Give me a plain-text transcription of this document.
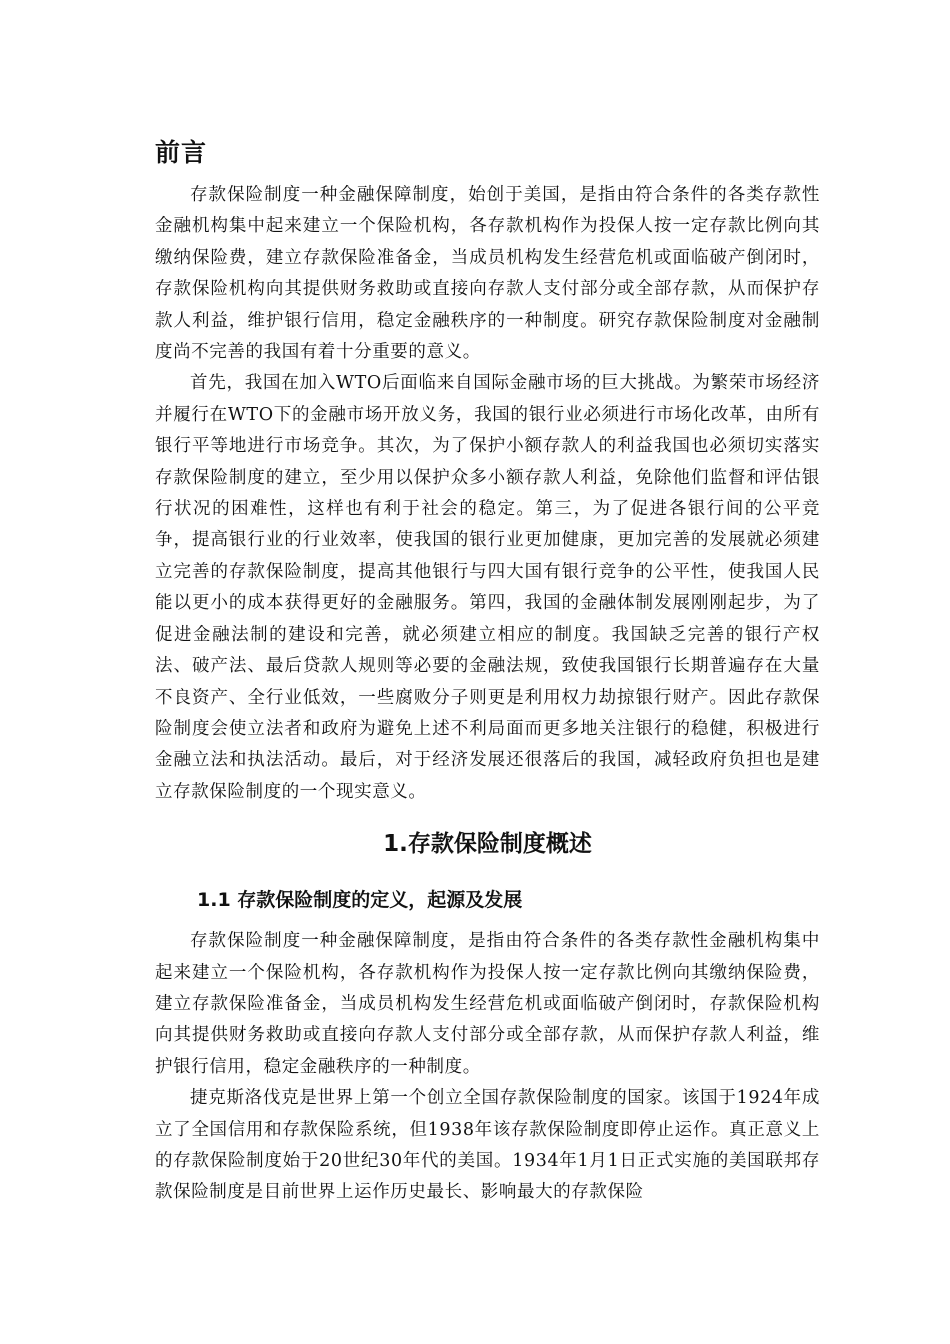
前言

存款保险制度一种金融保障制度，始创于美国，是指由符合条件的各类存款性金融机构集中起来建立一个保险机构，各存款机构作为投保人按一定存款比例向其缴纳保险费，建立存款保险准备金，当成员机构发生经营危机或面临破产倒闭时，存款保险机构向其提供财务救助或直接向存款人支付部分或全部存款，从而保护存款人利益，维护银行信用，稳定金融秩序的一种制度。研究存款保险制度对金融制度尚不完善的我国有着十分重要的意义。

首先，我国在加入WTO后面临来自国际金融市场的巨大挑战。为繁荣市场经济并履行在WTO下的金融市场开放义务，我国的银行业必须进行市场化改革，由所有银行平等地进行市场竞争。其次，为了保护小额存款人的利益我国也必须切实落实存款保险制度的建立，至少用以保护众多小额存款人利益，免除他们监督和评估银行状况的困难性，这样也有利于社会的稳定。第三，为了促进各银行间的公平竞争，提高银行业的行业效率，使我国的银行业更加健康，更加完善的发展就必须建立完善的存款保险制度，提高其他银行与四大国有银行竞争的公平性，使我国人民能以更小的成本获得更好的金融服务。第四，我国的金融体制发展刚刚起步，为了促进金融法制的建设和完善，就必须建立相应的制度。我国缺乏完善的银行产权法、破产法、最后贷款人规则等必要的金融法规，致使我国银行长期普遍存在大量不良资产、全行业低效，一些腐败分子则更是利用权力劫掠银行财产。因此存款保险制度会使立法者和政府为避免上述不利局面而更多地关注银行的稳健，积极进行金融立法和执法活动。最后，对于经济发展还很落后的我国，减轻政府负担也是建立存款保险制度的一个现实意义。

1.存款保险制度概述
1.1 存款保险制度的定义，起源及发展

存款保险制度一种金融保障制度，是指由符合条件的各类存款性金融机构集中起来建立一个保险机构，各存款机构作为投保人按一定存款比例向其缴纳保险费，建立存款保险准备金，当成员机构发生经营危机或面临破产倒闭时，存款保险机构向其提供财务救助或直接向存款人支付部分或全部存款，从而保护存款人利益，维护银行信用，稳定金融秩序的一种制度。

捷克斯洛伐克是世界上第一个创立全国存款保险制度的国家。该国于1924年成立了全国信用和存款保险系统，但1938年该存款保险制度即停止运作。真正意义上的存款保险制度始于20世纪30年代的美国。1934年1月1日正式实施的美国联邦存款保险制度是目前世界上运作历史最长、影响最大的存款保险
